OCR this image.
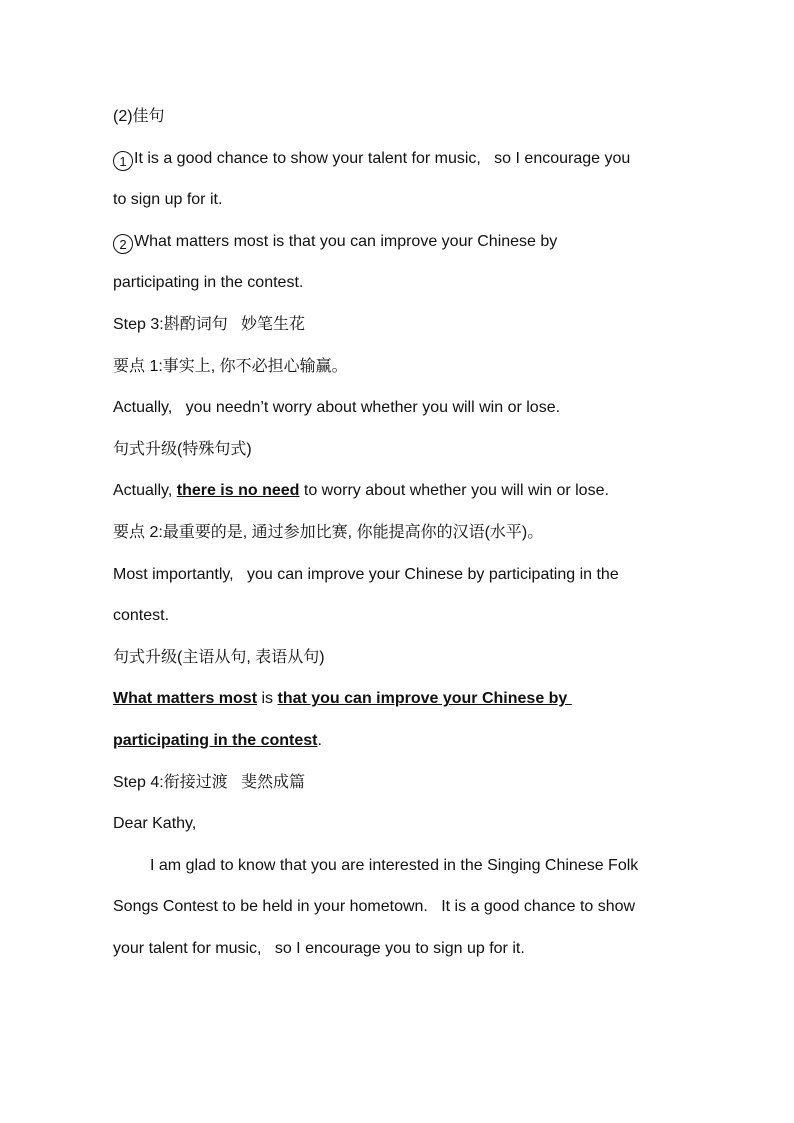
(2)佳句
1 It is a good chance to show your talent for music,   so I encourage you
to sign up for it.
2 What matters most is that you can improve your Chinese by
participating in the contest.
Step 3:斟酌词句   妙笔生花
要点 1:事实上, 你不必担心输赢。
Actually,   you needn’t worry about whether you will win or lose.
句式升级(特殊句式)
Actually, there is no need to worry about whether you will win or lose.
要点 2:最重要的是, 通过参加比赛, 你能提高你的汉语(水平)。
Most importantly,   you can improve your Chinese by participating in the
contest.
句式升级(主语从句, 表语从句)
What matters most is that you can improve your Chinese by
participating in the contest.
Step 4:衔接过渡   斐然成篇
Dear Kathy,
I am glad to know that you are interested in the Singing Chinese Folk
Songs Contest to be held in your hometown.   It is a good chance to show
your talent for music,   so I encourage you to sign up for it.
